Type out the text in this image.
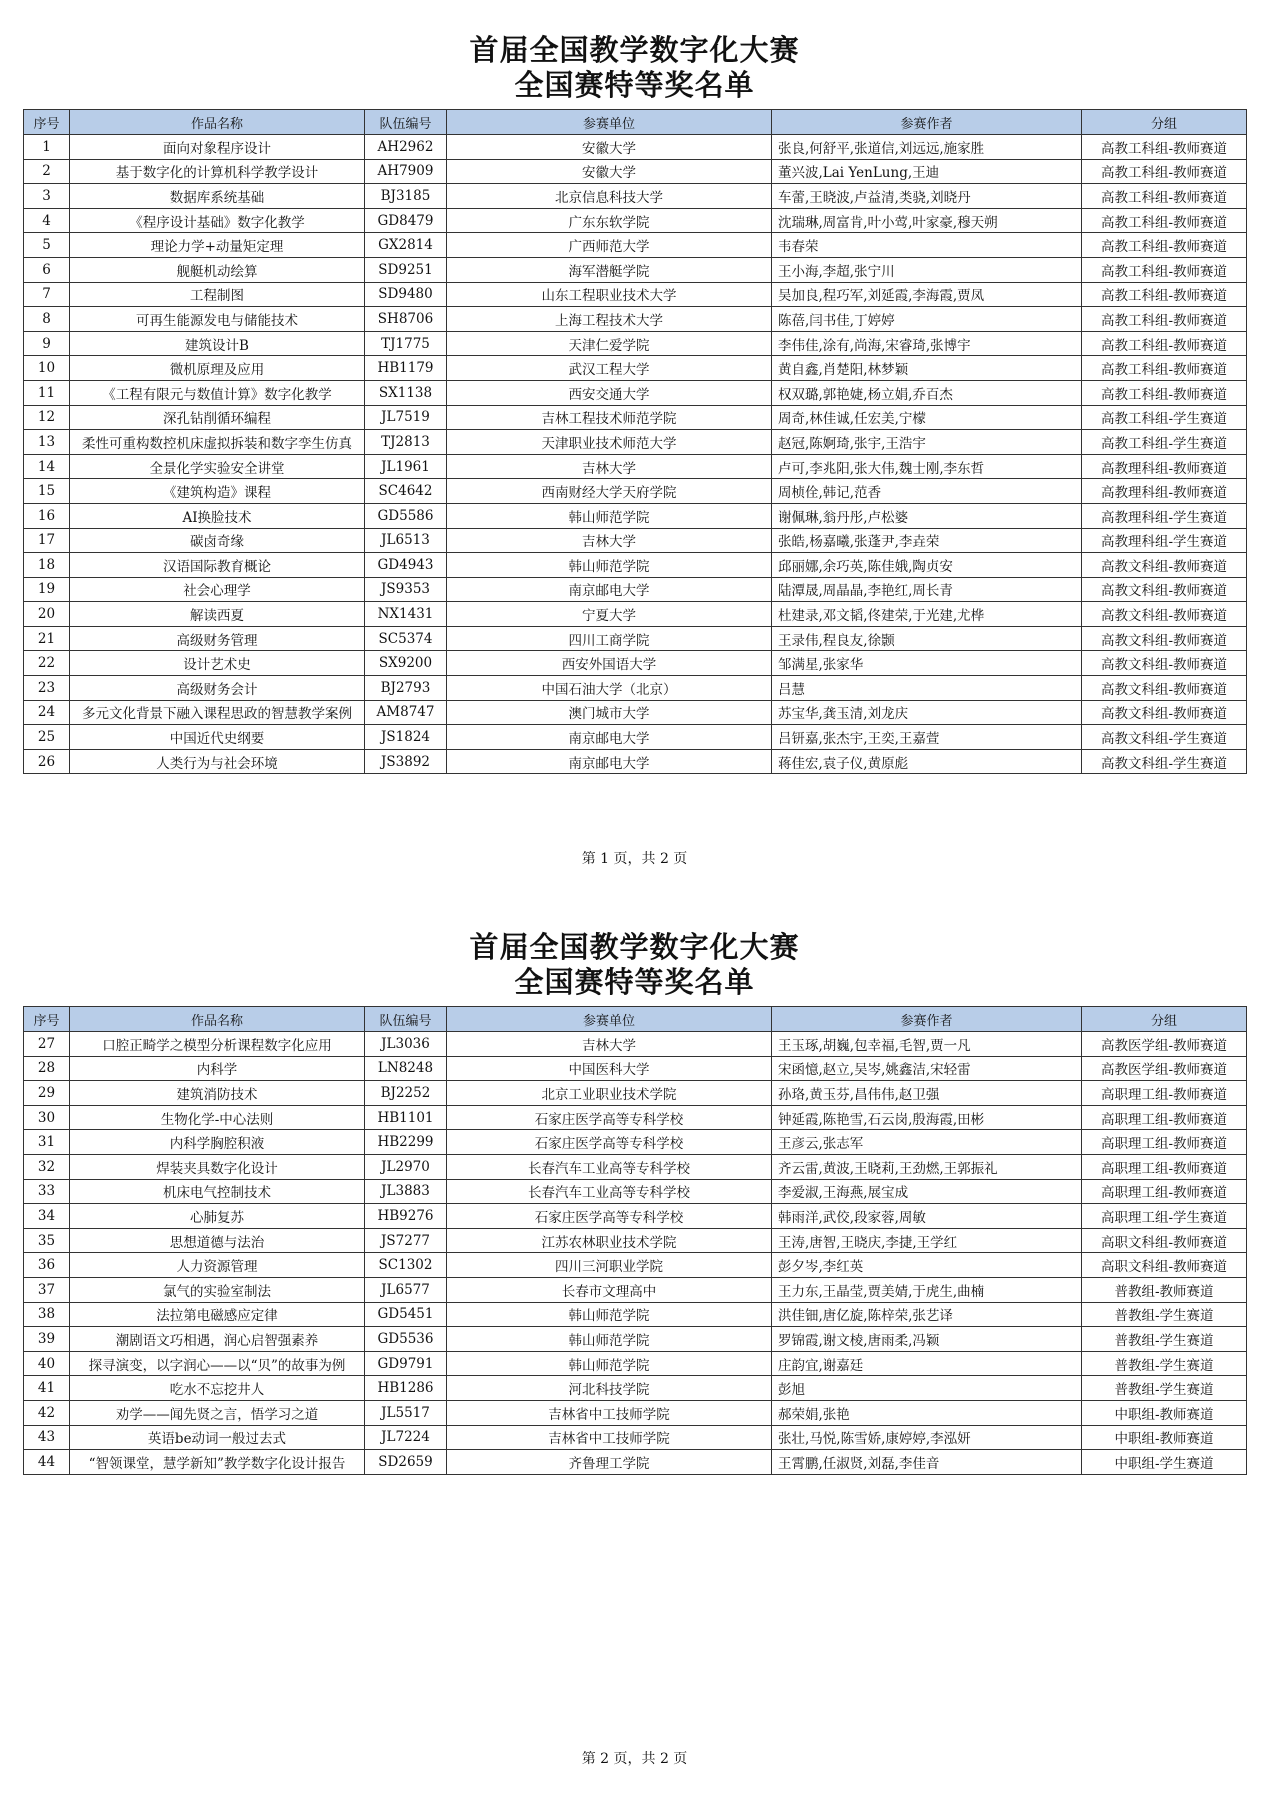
首届全国教学数字化大赛
全国赛特等奖名单
序号	作品名称	队伍编号	参赛单位	参赛作者	分组
1	面向对象程序设计	AH2962	安徽大学	张良,何舒平,张道信,刘远远,施家胜	高教工科组-教师赛道
2	基于数字化的计算机科学教学设计	AH7909	安徽大学	董兴波,Lai YenLung,王迪	高教工科组-教师赛道
3	数据库系统基础	BJ3185	北京信息科技大学	车蕾,王晓波,卢益清,类骁,刘晓丹	高教工科组-教师赛道
4	《程序设计基础》数字化教学	GD8479	广东东软学院	沈瑞琳,周富肯,叶小莺,叶家豪,穆天朔	高教工科组-教师赛道
5	理论力学+动量矩定理	GX2814	广西师范大学	韦春荣	高教工科组-教师赛道
6	舰艇机动绘算	SD9251	海军潜艇学院	王小海,李超,张宁川	高教工科组-教师赛道
7	工程制图	SD9480	山东工程职业技术大学	吴加良,程巧军,刘延霞,李海霞,贾凤	高教工科组-教师赛道
8	可再生能源发电与储能技术	SH8706	上海工程技术大学	陈蓓,闫书佳,丁婷婷	高教工科组-教师赛道
9	建筑设计B	TJ1775	天津仁爱学院	李伟佳,涂有,尚海,宋睿琦,张博宇	高教工科组-教师赛道
10	微机原理及应用	HB1179	武汉工程大学	黄自鑫,肖楚阳,林梦颖	高教工科组-教师赛道
11	《工程有限元与数值计算》数字化教学	SX1138	西安交通大学	权双璐,郭艳婕,杨立娟,乔百杰	高教工科组-教师赛道
12	深孔钻削循环编程	JL7519	吉林工程技术师范学院	周奇,林佳诚,任宏美,宁檬	高教工科组-学生赛道
13	柔性可重构数控机床虚拟拆装和数字孪生仿真	TJ2813	天津职业技术师范大学	赵冠,陈婀琦,张宇,王浩宇	高教工科组-学生赛道
14	全景化学实验安全讲堂	JL1961	吉林大学	卢可,李兆阳,张大伟,魏士刚,李东哲	高教理科组-教师赛道
15	《建筑构造》课程	SC4642	西南财经大学天府学院	周桢佺,韩记,范香	高教理科组-教师赛道
16	AI换脸技术	GD5586	韩山师范学院	谢佩琳,翁丹彤,卢松婆	高教理科组-学生赛道
17	碳卤奇缘	JL6513	吉林大学	张皓,杨嘉曦,张蓬尹,李垚荣	高教理科组-学生赛道
18	汉语国际教育概论	GD4943	韩山师范学院	邱丽娜,余巧英,陈佳娥,陶贞安	高教文科组-教师赛道
19	社会心理学	JS9353	南京邮电大学	陆潭晟,周晶晶,李艳红,周长青	高教文科组-教师赛道
20	解读西夏	NX1431	宁夏大学	杜建录,邓文韬,佟建荣,于光建,尤桦	高教文科组-教师赛道
21	高级财务管理	SC5374	四川工商学院	王录伟,程良友,徐颢	高教文科组-教师赛道
22	设计艺术史	SX9200	西安外国语大学	邹满星,张家华	高教文科组-教师赛道
23	高级财务会计	BJ2793	中国石油大学（北京）	吕慧	高教文科组-教师赛道
24	多元文化背景下融入课程思政的智慧教学案例	AM8747	澳门城市大学	苏宝华,龚玉清,刘龙庆	高教文科组-教师赛道
25	中国近代史纲要	JS1824	南京邮电大学	吕钘嘉,张杰宇,王奕,王嘉萱	高教文科组-学生赛道
26	人类行为与社会环境	JS3892	南京邮电大学	蒋佳宏,袁子仪,黄原彪	高教文科组-学生赛道
第 1 页，共 2 页
首届全国教学数字化大赛
全国赛特等奖名单
序号	作品名称	队伍编号	参赛单位	参赛作者	分组
27	口腔正畸学之模型分析课程数字化应用	JL3036	吉林大学	王玉琢,胡巍,包幸福,毛智,贾一凡	高教医学组-教师赛道
28	内科学	LN8248	中国医科大学	宋函憶,赵立,吴岑,姚鑫洁,宋轻雷	高教医学组-教师赛道
29	建筑消防技术	BJ2252	北京工业职业技术学院	孙珞,黄玉芬,昌伟伟,赵卫强	高职理工组-教师赛道
30	生物化学-中心法则	HB1101	石家庄医学高等专科学校	钟延霞,陈艳雪,石云岗,殷海霞,田彬	高职理工组-教师赛道
31	内科学胸腔积液	HB2299	石家庄医学高等专科学校	王彦云,张志军	高职理工组-教师赛道
32	焊装夹具数字化设计	JL2970	长春汽车工业高等专科学校	齐云雷,黄波,王晓莉,王劲燃,王郭振礼	高职理工组-教师赛道
33	机床电气控制技术	JL3883	长春汽车工业高等专科学校	李爱淑,王海燕,展宝成	高职理工组-教师赛道
34	心肺复苏	HB9276	石家庄医学高等专科学校	韩雨洋,武佼,段家蓉,周敏	高职理工组-学生赛道
35	思想道德与法治	JS7277	江苏农林职业技术学院	王涛,唐智,王晓庆,李捷,王学红	高职文科组-教师赛道
36	人力资源管理	SC1302	四川三河职业学院	彭夕岑,李红英	高职文科组-教师赛道
37	氯气的实验室制法	JL6577	长春市文理高中	王力东,王晶莹,贾美婧,于虎生,曲楠	普教组-教师赛道
38	法拉第电磁感应定律	GD5451	韩山师范学院	洪佳钿,唐亿旋,陈梓荣,张艺译	普教组-学生赛道
39	潮剧语文巧相遇，润心启智强素养	GD5536	韩山师范学院	罗锦霞,谢文棱,唐雨柔,冯颖	普教组-学生赛道
40	探寻演变，以字润心——以“贝”的故事为例	GD9791	韩山师范学院	庄韵宜,谢嘉廷	普教组-学生赛道
41	吃水不忘挖井人	HB1286	河北科技学院	彭旭	普教组-学生赛道
42	劝学——闻先贤之言，悟学习之道	JL5517	吉林省中工技师学院	郝荣娟,张艳	中职组-教师赛道
43	英语be动词一般过去式	JL7224	吉林省中工技师学院	张壮,马悦,陈雪娇,康婷婷,李泓妍	中职组-教师赛道
44	“智领课堂，慧学新知”教学数字化设计报告	SD2659	齐鲁理工学院	王霄鹏,任淑贤,刘磊,李佳音	中职组-学生赛道
第 2 页，共 2 页
